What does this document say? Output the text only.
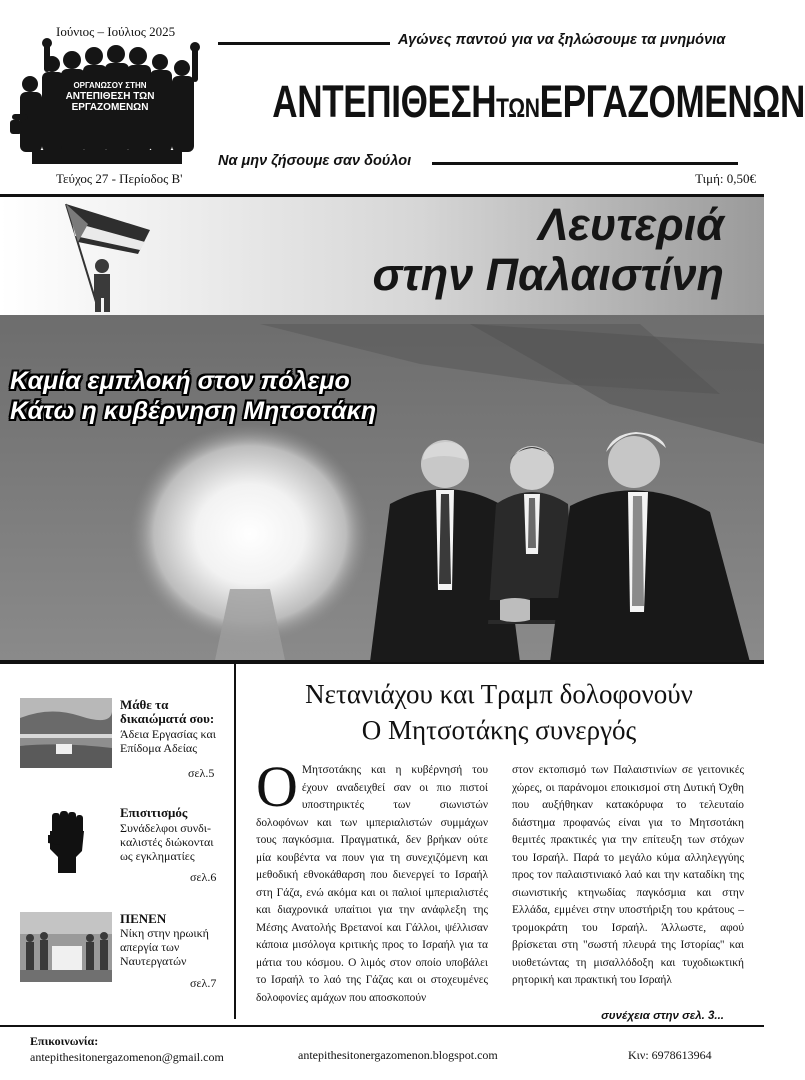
Ιούνιος – Ιούλιος 2025
ΟΡΓΑΝΩΣΟΥ ΣΤΗΝ
ΑΝΤΕΠΙΘΕΣΗ ΤΩΝ ΕΡΓΑΖΟΜΕΝΩΝ
Τεύχος 27 - Περίοδος Β'
Αγώνες παντού για να ξηλώσουμε τα μνημόνια
ΑΝΤΕΠΙΘΕΣΗΤΩΝΕΡΓΑΖΟΜΕΝΩΝ
Να μην ζήσουμε σαν δούλοι
Τιμή: 0,50€
Λευτεριά
στην Παλαιστίνη
Καμία εμπλοκή στον πόλεμο
Κάτω η κυβέρνηση Μητσοτάκη
Μάθε τα
δικαιώματά σου:
Άδεια Εργασίας και
Επίδομα Αδείας
σελ.5
Επισιτισμός
Συνάδελφοι συνδι-
καλιστές διώκονται
ως εγκληματίες
σελ.6
ΠΕΝΕΝ
Νίκη στην ηρωική
απεργία των
Ναυτεργατών
σελ.7
Νετανιάχου και Τραμπ δολοφονούν
Ο Μητσοτάκης συνεργός
Ο Μητσοτάκης και η κυβέρνησή του έχουν αναδειχθεί σαν οι πιο πιστοί υποστηρικτές των σιωνιστών δολοφόνων και των ιμπεριαλιστών συμμάχων τους παγκόσμια. Πραγματικά, δεν βρήκαν ούτε μία κουβέντα να πουν για τη συνεχιζόμενη και μεθοδική εθνοκάθαρση που διενεργεί το Ισραήλ στη Γάζα, ενώ ακόμα και οι παλιοί ιμπεριαλιστές και διαχρονικά υπαίτιοι για την ανάφλεξη της Μέσης Ανατολής Βρετανοί και Γάλλοι, ψέλλισαν κάποια μισόλογα κριτικής προς το Ισραήλ για τα μάτια του κόσμου. Ο λιμός στον οποίο υποβάλει το Ισραήλ το λαό της Γάζας και οι στοχευμένες δολοφονίες αμάχων που αποσκοπούν
στον εκτοπισμό των Παλαιστινίων σε γειτονικές χώρες, οι παράνομοι εποικισμοί στη Δυτική Όχθη που αυξήθηκαν κατακόρυφα το τελευταίο διάστημα προφανώς είναι για το Μητσοτάκη θεμιτές πρακτικές για την επίτευξη των στόχων του Ισραήλ. Παρά το μεγάλο κύμα αλληλεγγύης προς τον παλαιστινιακό λαό και την καταδίκη της σιωνιστικής κτηνωδίας παγκόσμια και στην Ελλάδα, εμμένει στην υποστήριξη του κράτους – τρομοκράτη του Ισραήλ. Άλλωστε, αφού βρίσκεται στη "σωστή πλευρά της Ιστορίας" και υιοθετώντας τη μισαλλόδοξη και τυχοδιωκτική ρητορική και πρακτική του Ισραήλ
συνέχεια στην σελ. 3...
Επικοινωνία:
antepithesitonergazomenon@gmail.com	antepithesitonergazomenon.blogspot.com	Κιν: 6978613964
